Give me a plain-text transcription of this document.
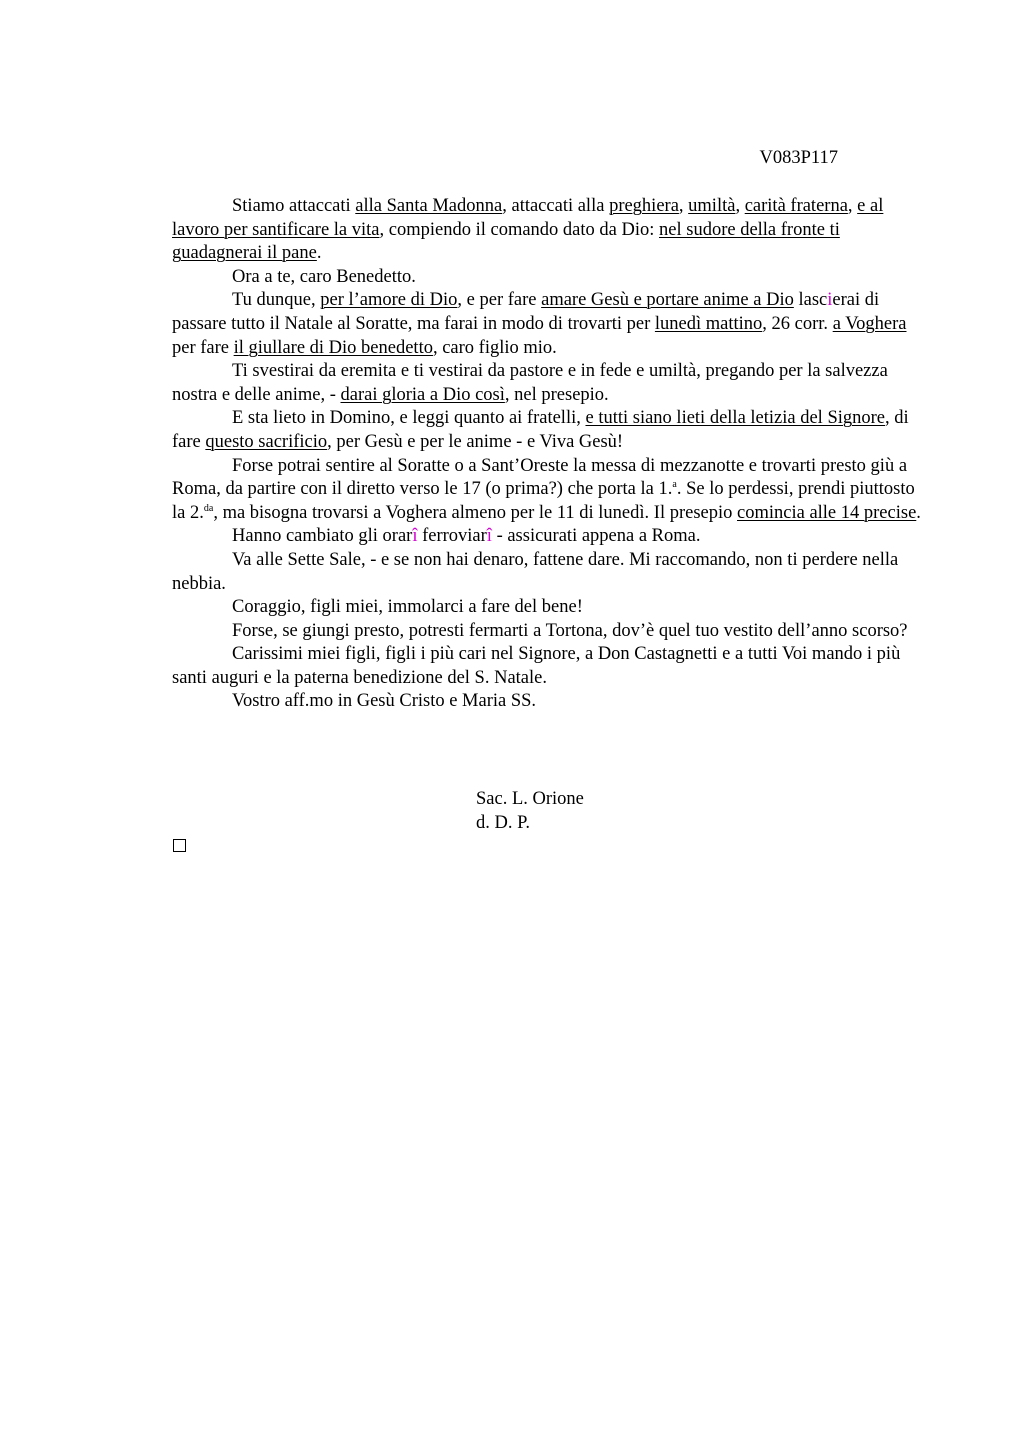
V083P117

Stiamo attaccati alla Santa Madonna, attaccati alla preghiera, umiltà, carità fraterna, e al lavoro per santificare la vita, compiendo il comando dato da Dio: nel sudore della fronte ti guadagnerai il pane.

Ora a te, caro Benedetto.

Tu dunque, per l’amore di Dio, e per fare amare Gesù e portare anime a Dio lascierai di passare tutto il Natale al Soratte, ma farai in modo di trovarti per lunedì mattino, 26 corr. a Voghera per fare il giullare di Dio benedetto, caro figlio mio.

Ti svestirai da eremita e ti vestirai da pastore e in fede e umiltà, pregando per la salvezza nostra e delle anime, - darai gloria a Dio così, nel presepio.

E sta lieto in Domino, e leggi quanto ai fratelli, e tutti siano lieti della letizia del Signore, di fare questo sacrificio, per Gesù e per le anime - e Viva Gesù!

Forse potrai sentire al Soratte o a Sant’Oreste la messa di mezzanotte e trovarti presto giù a Roma, da partire con il diretto verso le 17 (o prima?) che porta la 1.$^a$. Se lo perdessi, prendi piuttosto la 2.$^{da}$, ma bisogna trovarsi a Voghera almeno per le 11 di lunedì. Il presepio comincia alle 14 precise.

Hanno cambiato gli orarî ferroviarî - assicurati appena a Roma.

Va alle Sette Sale, - e se non hai denaro, fattene dare. Mi raccomando, non ti perdere nella nebbia.

Coraggio, figli miei, immolarci a fare del bene!

Forse, se giungi presto, potresti fermarti a Tortona, dov’è quel tuo vestito dell’anno scorso?

Carissimi miei figli, figli i più cari nel Signore, a Don Castagnetti e a tutti Voi mando i più santi auguri e la paterna benedizione del S. Natale.

Vostro aff.mo in Gesù Cristo e Maria SS.

Sac. L. Orione

d. D. P.
